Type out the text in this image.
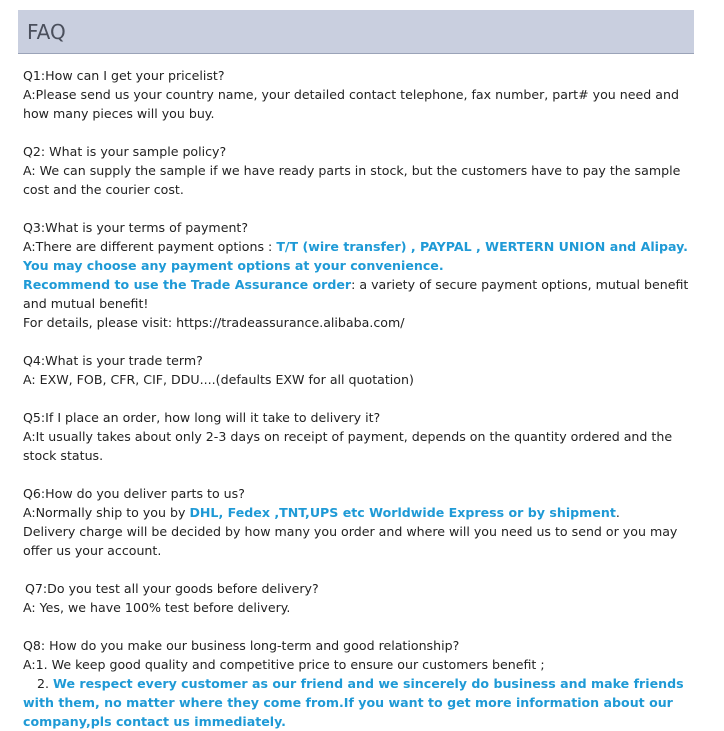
FAQ

Q1:How can I get your pricelist?

A:Please send us your country name, your detailed contact telephone, fax number, part# you need and how many pieces will you buy.

Q2: What is your sample policy?

A: We can supply the sample if we have ready parts in stock, but the customers have to pay the sample cost and the courier cost.

Q3:What is your terms of payment?

A:There are different payment options : T/T (wire transfer) , PAYPAL , WERTERN UNION and Alipay. You may choose any payment options at your convenience.

Recommend to use the Trade Assurance order: a variety of secure payment options, mutual benefit and mutual benefit!

For details, please visit: https://tradeassurance.alibaba.com/

Q4:What is your trade term?

A: EXW, FOB, CFR, CIF, DDU....(defaults EXW for all quotation)

Q5:If I place an order, how long will it take to delivery it?

A:It usually takes about only 2-3 days on receipt of payment, depends on the quantity ordered and the stock status.

Q6:How do you deliver parts to us?

A:Normally ship to you by DHL, Fedex ,TNT,UPS etc Worldwide Express or by shipment.

Delivery charge will be decided by how many you order and where will you need us to send or you may offer us your account.

Q7:Do you test all your goods before delivery?

A: Yes, we have 100% test before delivery.

Q8: How do you make our business long-term and good relationship?

A:1. We keep good quality and competitive price to ensure our customers benefit ;

2. We respect every customer as our friend and we sincerely do business and make friends with them, no matter where they come from.If you want to get more information about our company,pls contact us immediately.
